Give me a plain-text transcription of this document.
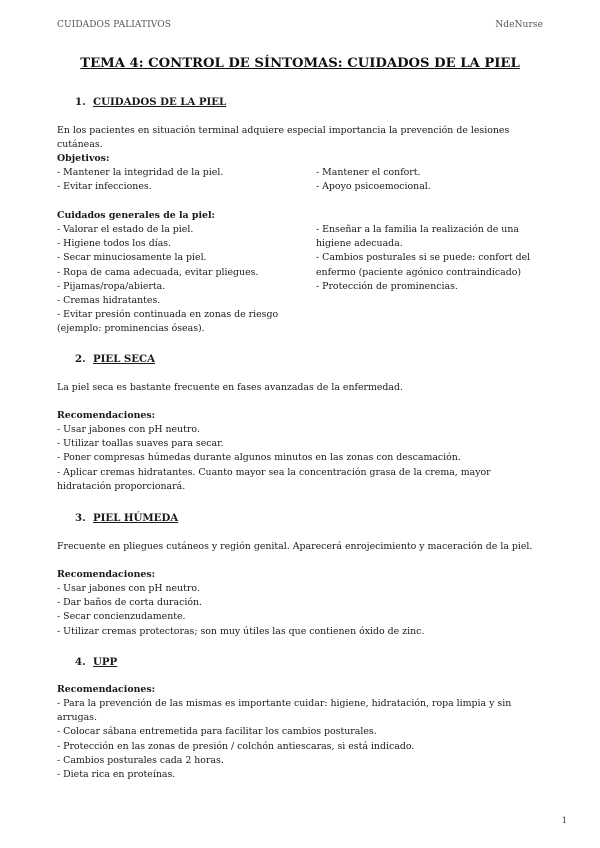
CUIDADOS PALIATIVOS	NdeNurse
TEMA 4: CONTROL DE SÍNTOMAS: CUIDADOS DE LA PIEL
1. CUIDADOS DE LA PIEL
En los pacientes en situación terminal adquiere especial importancia la prevención de lesiones cutáneas.
Objetivos:
- Mantener la integridad de la piel.
- Evitar infecciones.
- Mantener el confort.
- Apoyo psicoemocional.
Cuidados generales de la piel:
- Valorar el estado de la piel.
- Higiene todos los días.
- Secar minuciosamente la piel.
- Ropa de cama adecuada, evitar pliegues.
- Pijamas/ropa/abierta.
- Cremas hidratantes.
- Evitar presión continuada en zonas de riesgo (ejemplo: prominencias óseas).
- Enseñar a la familia la realización de una higiene adecuada.
- Cambios posturales si se puede: confort del enfermo (paciente agónico contraindicado)
- Protección de prominencias.
2. PIEL SECA
La piel seca es bastante frecuente en fases avanzadas de la enfermedad.
Recomendaciones:
- Usar jabones con pH neutro.
- Utilizar toallas suaves para secar.
- Poner compresas húmedas durante algunos minutos en las zonas con descamación.
- Aplicar cremas hidratantes. Cuanto mayor sea la concentración grasa de la crema, mayor hidratación proporcionará.
3. PIEL HÚMEDA
Frecuente en pliegues cutáneos y región genital. Aparecerá enrojecimiento y maceración de la piel.
Recomendaciones:
- Usar jabones con pH neutro.
- Dar baños de corta duración.
- Secar concienzudamente.
- Utilizar cremas protectoras; son muy útiles las que contienen óxido de zinc.
4. UPP
Recomendaciones:
- Para la prevención de las mismas es importante cuidar: higiene, hidratación, ropa limpia y sin arrugas.
- Colocar sábana entremetida para facilitar los cambios posturales.
- Protección en las zonas de presión / colchón antiescaras, si está indicado.
- Cambios posturales cada 2 horas.
- Dieta rica en proteínas.
1
